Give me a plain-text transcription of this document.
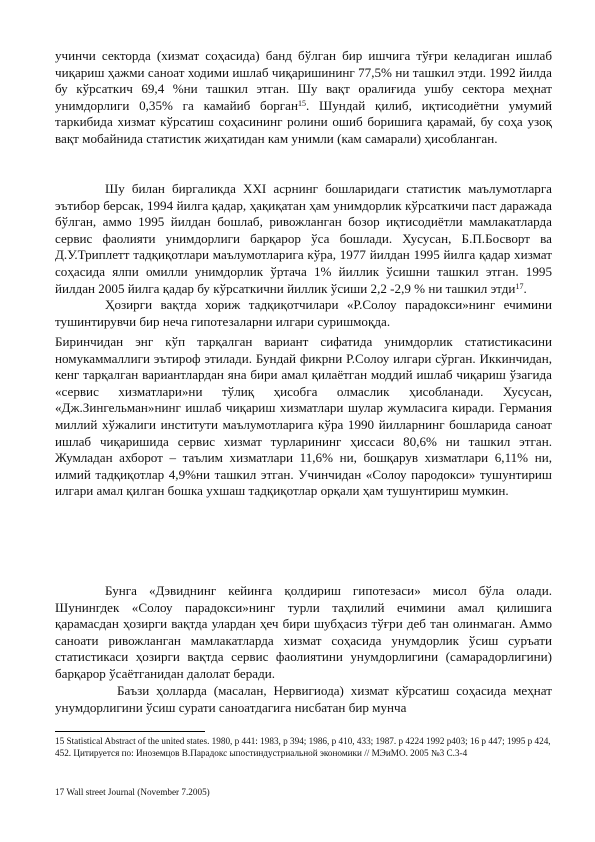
учинчи секторда (хизмат соҳасида) банд бўлган бир ишчига тўғри келадиган ишлаб чиқариш ҳажми саноат ходими ишлаб чиқаришининг 77,5% ни ташкил этди. 1992 йилда бу кўрсаткич 69,4 %ни ташкил этган. Шу вақт оралиғида ушбу сектора меҳнат унимдорлиги 0,35% га камайиб борган$^{15}$. Шундай қилиб, иқтисодиётни умумий таркибида хизмат кўрсатиш соҳасининг ролини ошиб боришига қарамай, бу соҳа узоқ вақт мобайнида статистик жиҳатидан кам унимли (кам самарали) ҳисобланган.
Шу билан биргаликда XXI асрнинг бошларидаги статистик маълумотларга эътибор берсак, 1994 йилга қадар, ҳақиқатан ҳам унимдорлик кўрсаткичи паст даражада бўлган, аммо 1995 йилдан бошлаб, ривожланган бозор иқтисодиётли мамлакатларда сервис фаолияти унимдорлиги барқарор ўса бошлади. Хусусан, Б.П.Босворт ва Д.У.Триплетт тадқиқотлари маълумотларига кўра, 1977 йилдан 1995 йилга қадар хизмат соҳасида ялпи омилли унимдорлик ўртача 1% йиллик ўсишни ташкил этган. 1995 йилдан 2005 йилга қадар бу кўрсаткични йиллик ўсиши 2,2 -2,9 % ни ташкил этди$^{17}$.
Ҳозирги вақтда хориж тадқиқотчилари «Р.Солоу парадокси»нинг ечимини тушинтирувчи бир неча гипотезаларни илгари суришмоқда.
Биринчидан энг кўп тарқалган вариант сифатида унимдорлик статистикасини номукаммаллиги эътироф этилади. Бундай фикрни Р.Солоу илгари сўрган. Иккинчидан, кенг тарқалган вариантлардан яна бири амал қилаётган моддий ишлаб чиқариш ўзагида «сервис хизматлари»ни тўлиқ ҳисобга олмаслик ҳисобланади. Хусусан, «Дж.Зингельман»нинг ишлаб чиқариш хизматлари шулар жумласига киради. Германия миллий хўжалиги институти маълумотларига кўра 1990 йилларнинг бошларида саноат ишлаб чиқаришида сервис хизмат турларининг ҳиссаси 80,6% ни ташкил этган. Жумладан ахборот – таълим хизматлари 11,6% ни, бошқарув хизматлари 6,11% ни, илмий тадқиқотлар 4,9%ни ташкил этган. Учинчидан «Солоу пародокси» тушунтириш илгари амал қилган бошка ухшаш тадқиқотлар орқали ҳам тушунтириш мумкин.
Бунга «Дэвиднинг кейинга қолдириш гипотезаси» мисол бўла олади. Шунингдек «Солоу парадокси»нинг турли таҳлилий ечимини амал қилишига қарамасдан ҳозирги вақтда улардан ҳеч бири шубҳасиз тўғри деб тан олинмаган. Аммо саноати ривожланган мамлакатларда хизмат соҳасида унумдорлик ўсиш суръати статистикаси ҳозирги вақтда сервис фаолиятини унумдорлигини (самарадорлигини) барқарор ўсаётганидан далолат беради.
Баъзи ҳолларда (масалан, Нервигиода) хизмат кўрсатиш соҳасида меҳнат унумдорлигини ўсиш сурати саноатдагига нисбатан бир мунча
15 Statistical Abstract of the united states. 1980, p 441: 1983, p 394; 1986, p 410, 433; 1987. p 4224 1992 p403; 16 p 447; 1995 p 424, 452. Цитируется по: Иноземцов В.Парадокс ыпостиндустриальной экономики // МЭиМО. 2005 №3 С.3-4
17 Wall street Journal (November 7.2005)
